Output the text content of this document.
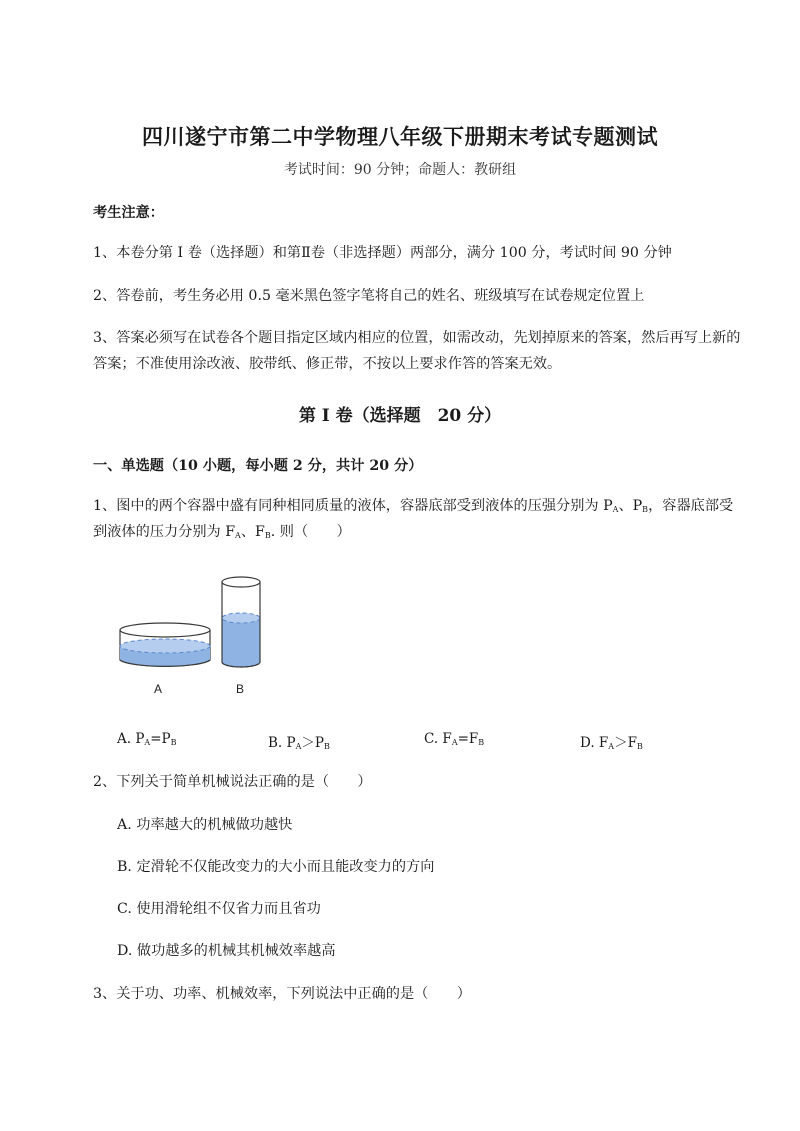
四川遂宁市第二中学物理八年级下册期末考试专题测试
考试时间：90 分钟；命题人：教研组
考生注意：
1、本卷分第 I 卷（选择题）和第Ⅱ卷（非选择题）两部分，满分 100 分，考试时间 90 分钟
2、答卷前，考生务必用 0.5 毫米黑色签字笔将自己的姓名、班级填写在试卷规定位置上
3、答案必须写在试卷各个题目指定区域内相应的位置，如需改动，先划掉原来的答案，然后再写上新的答案；不准使用涂改液、胶带纸、修正带，不按以上要求作答的答案无效。
第 I 卷（选择题　20 分）
一、单选题（10 小题，每小题 2 分，共计 20 分）
1、图中的两个容器中盛有同种相同质量的液体，容器底部受到液体的压强分别为 $P_A$、$P_B$，容器底部受
到液体的压力分别为 $F_A$、$F_B$. 则（　　）
A	B
A. $P_A=P_B$	B. $P_A>P_B$	C. $F_A=F_B$	D. $F_A>F_B$
2、下列关于简单机械说法正确的是（　　）
A. 功率越大的机械做功越快
B. 定滑轮不仅能改变力的大小而且能改变力的方向
C. 使用滑轮组不仅省力而且省功
D. 做功越多的机械其机械效率越高
3、关于功、功率、机械效率，下列说法中正确的是（　　）
